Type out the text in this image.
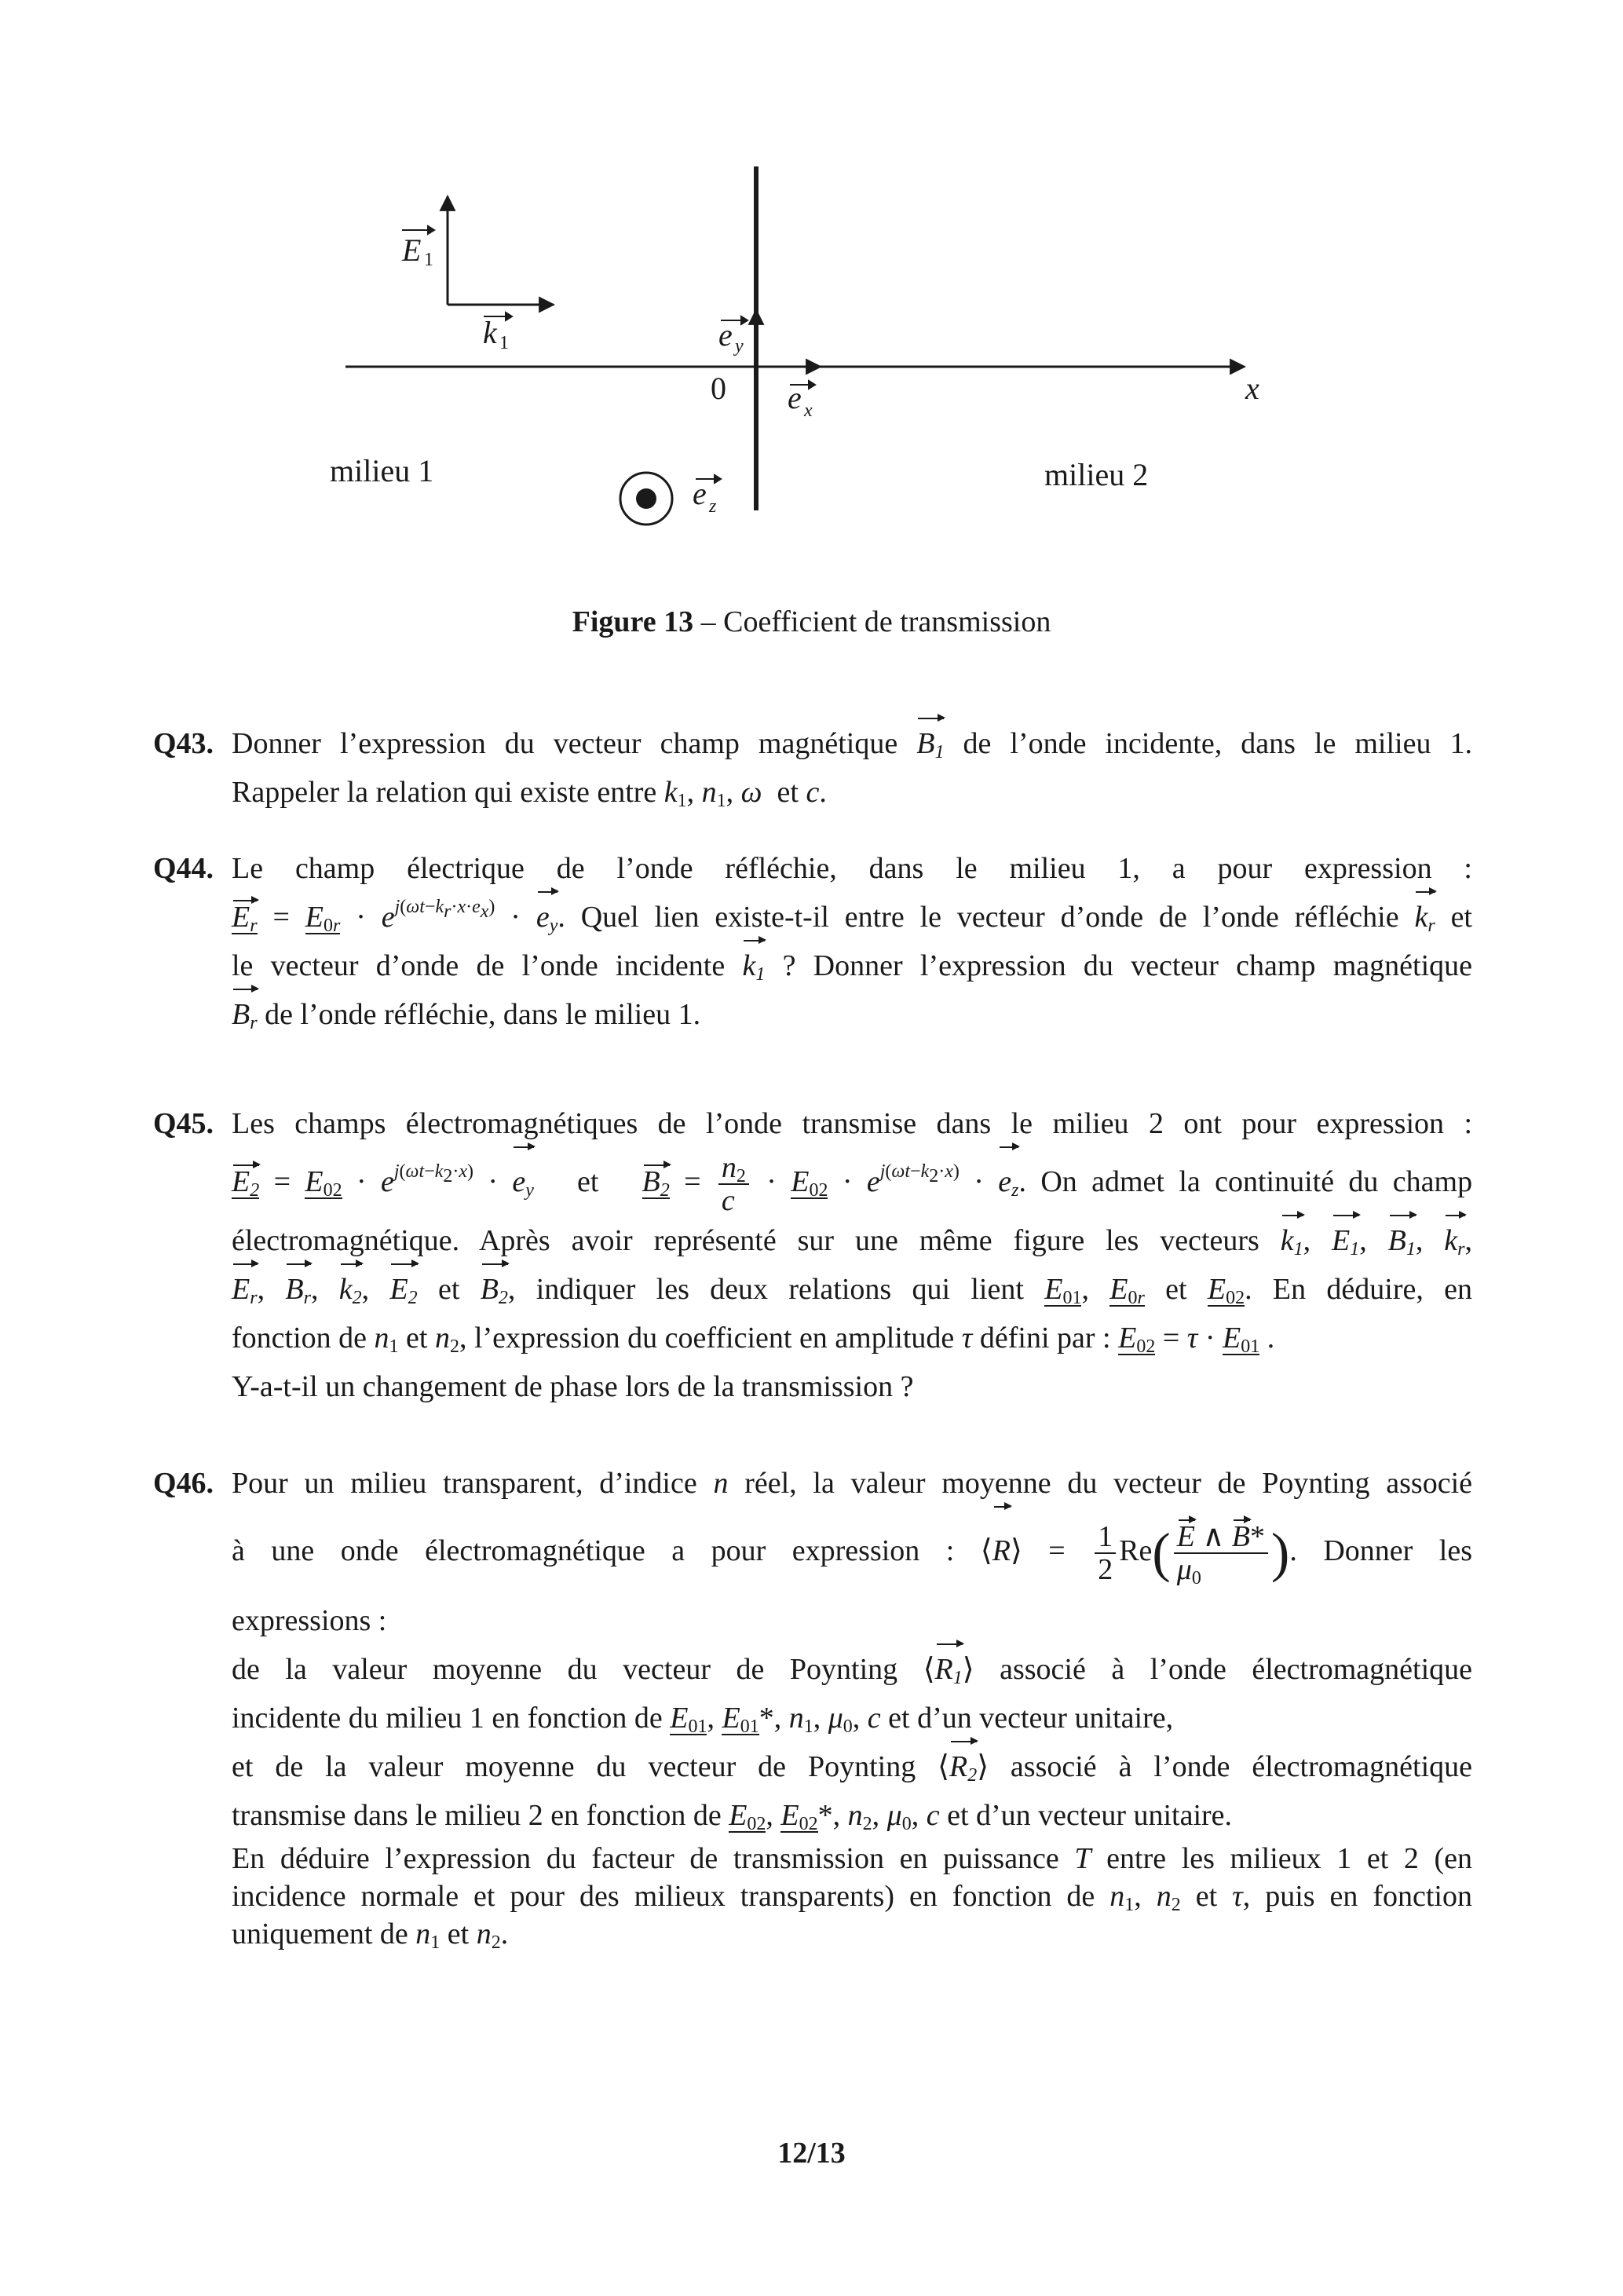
E 1
k 1	e y
0 e x
x
e z
milieu 1	milieu 2
Figure 13 – Coefficient de transmission
Q43. Donner l’expression du vecteur champ magnétique $B_1$ de l’onde incidente, dans le milieu 1.
Rappeler la relation qui existe entre $k_1$, $n_1$, ω et c.
Q44. Le champ électrique de l’onde réfléchie, dans le milieu 1, a pour expression :
$E_r = E_{0r} \cdot e^{j(\omega t-k_r\cdot x\cdot e_x)} \cdot e_y$. Quel lien existe-t-il entre le vecteur d’onde de l’onde réfléchie $k_r$ et
le vecteur d’onde de l’onde incidente $k_1$ ? Donner l’expression du vecteur champ magnétique
$B_r$ de l’onde réfléchie, dans le milieu 1.
Q45. Les champs électromagnétiques de l’onde transmise dans le milieu 2 ont pour expression :
$E_2 = E_{02} \cdot e^{j(\omega t-k_2\cdot x)} \cdot e_y$ et $B_2 = \frac{n_2}{c} \cdot E_{02} \cdot e^{j(\omega t-k_2\cdot x)} \cdot e_z$. On admet la continuité du champ
électromagnétique. Après avoir représenté sur une même figure les vecteurs $k_1$, $E_1$, $B_1$, $k_r$,
$E_r$, $B_r$, $k_2$, $E_2$ et $B_2$, indiquer les deux relations qui lient $E_{01}$, $E_{0r}$ et $E_{02}$. En déduire, en
fonction de $n_1$ et $n_2$, l’expression du coefficient en amplitude τ défini par : $E_{02} = \tau \cdot E_{01}$ .
Y-a-t-il un changement de phase lors de la transmission ?
Q46. Pour un milieu transparent, d’indice n réel, la valeur moyenne du vecteur de Poynting associé
à une onde électromagnétique a pour expression : ⟨R⟩ = $\frac{1}{2} Re( \frac{E \wedge B*}{\mu_0}$ ). Donner les
expressions :
de la valeur moyenne du vecteur de Poynting $⟨R_1⟩$ associé à l’onde électromagnétique
incidente du milieu 1 en fonction de $E_{01}$, $E_{01}*$, $n_1$, $\mu_0$, c et d’un vecteur unitaire,
et de la valeur moyenne du vecteur de Poynting $⟨R_2⟩$ associé à l’onde électromagnétique
transmise dans le milieu 2 en fonction de $E_{02}$, $E_{02}*$, $n_2$, $\mu_0$, c et d’un vecteur unitaire.
En déduire l’expression du facteur de transmission en puissance T entre les milieux 1 et 2 (en
incidence normale et pour des milieux transparents) en fonction de $n_1$, $n_2$ et τ, puis en fonction
uniquement de $n_1$ et $n_2$.
12/13
